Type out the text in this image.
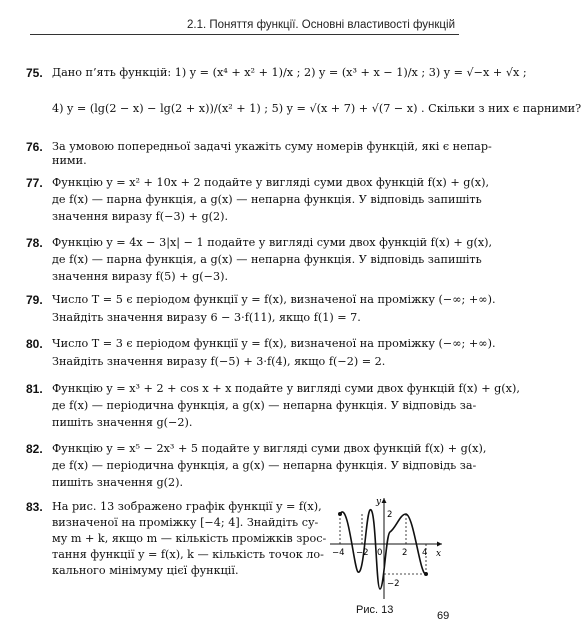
2.1. Поняття функції. Основні властивості функцій
75. Дано п’ять функцій: 1) y = (x⁴ + x² + 1)/x ; 2) y = (x³ + x − 1)/x ; 3) y = √−x + √x ;
4) y = (lg(2 − x) − lg(2 + x))/(x² + 1) ; 5) y = √(x + 7) + √(7 − x) . Скільки з них є парними?
76. За умовою попередньої задачі укажіть суму номерів функцій, які є непар-
ними.
77. Функцію y = x² + 10x + 2 подайте у вигляді суми двох функцій f(x) + g(x),
де f(x) — парна функція, а g(x) — непарна функція. У відповідь запишіть
значення виразу f(−3) + g(2).
78. Функцію y = 4x − 3|x| − 1 подайте у вигляді суми двох функцій f(x) + g(x),
де f(x) — парна функція, а g(x) — непарна функція. У відповідь запишіть
значення виразу f(5) + g(−3).
79. Число T = 5 є періодом функції y = f(x), визначеної на проміжку (−∞; +∞).
Знайдіть значення виразу 6 − 3·f(11), якщо f(1) = 7.
80. Число T = 3 є періодом функції y = f(x), визначеної на проміжку (−∞; +∞).
Знайдіть значення виразу f(−5) + 3·f(4), якщо f(−2) = 2.
81. Функцію y = x³ + 2 + cos x + x подайте у вигляді суми двох функцій f(x) + g(x),
де f(x) — періодична функція, а g(x) — непарна функція. У відповідь за-
пишіть значення g(−2).
82. Функцію y = x⁵ − 2x³ + 5 подайте у вигляді суми двох функцій f(x) + g(x),
де f(x) — періодична функція, а g(x) — непарна функція. У відповідь за-
пишіть значення g(2).
83. На рис. 13 зображено графік функції y = f(x),
визначеної на проміжку [−4; 4]. Знайдіть су-
му m + k, якщо m — кількість проміжків зрос-
тання функції y = f(x), k — кількість точок ло-
кального мінімуму цієї функції.
y
x
−4 −2 0 2 4
2
−2
Рис. 13	69
